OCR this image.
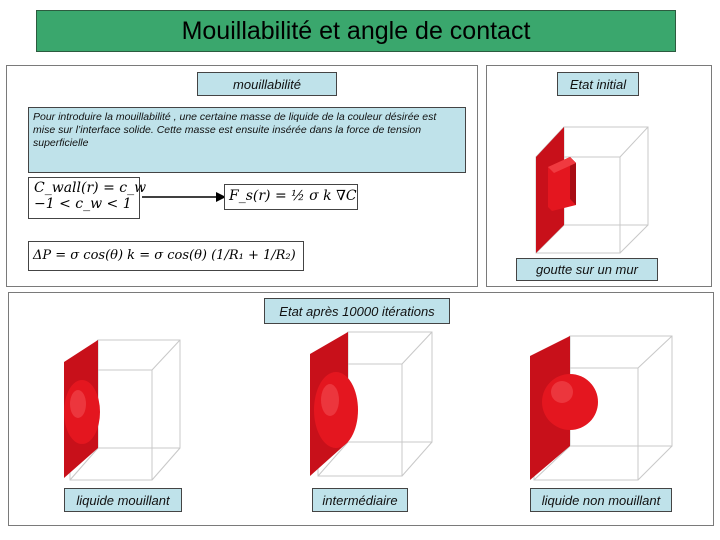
Mouillabilité et angle de contact
mouillabilité
Pour introduire la mouillabilité , une certaine masse de liquide de la couleur désirée est mise sur l’interface solide. Cette masse est ensuite insérée dans la force de tension superficielle
C_wall(r) = c_w
−1 < c_w < 1	F_s(r) = ½ σ k ∇C
ΔP = σ cos(θ) k = σ cos(θ) (1/R₁ + 1/R₂)
Etat initial
goutte sur un mur
Etat après 10000 itérations
liquide mouillant	intermédiaire	liquide non mouillant
